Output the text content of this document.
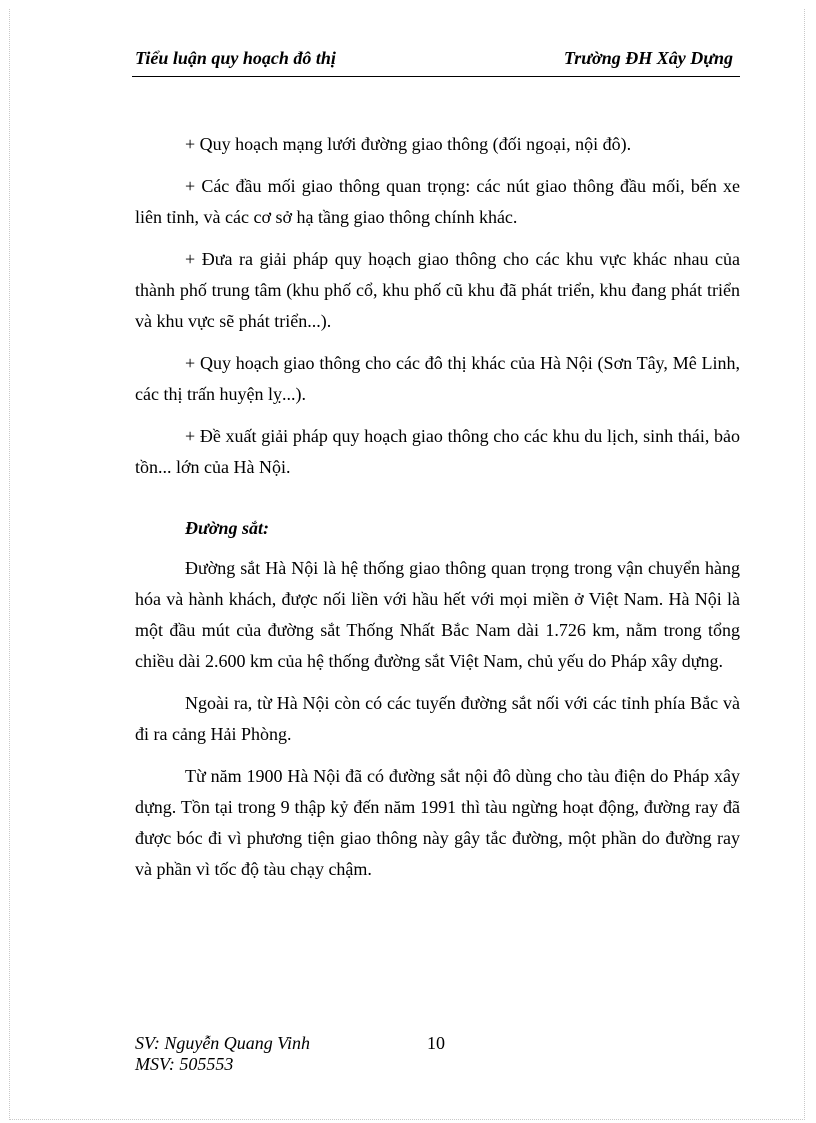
Tiểu luận quy hoạch đô thị	Trường ĐH Xây Dựng

+ Quy hoạch mạng lưới đường giao thông (đối ngoại, nội đô).

+ Các đầu mối giao thông quan trọng: các nút giao thông đầu mối, bến xe liên tỉnh, và các cơ sở hạ tầng giao thông chính khác.

+ Đưa ra giải pháp quy hoạch giao thông cho các khu vực khác nhau của thành phố trung tâm (khu phố cổ, khu phố cũ khu đã phát triển, khu đang phát triển và khu vực sẽ phát triển...).

+ Quy hoạch giao thông cho các đô thị khác của Hà Nội (Sơn Tây, Mê Linh, các thị trấn huyện lỵ...).

+ Đề xuất giải pháp quy hoạch giao thông cho các khu du lịch, sinh thái, bảo tồn... lớn của Hà Nội.

Đường sắt:

Đường sắt Hà Nội là hệ thống giao thông quan trọng trong vận chuyển hàng hóa và hành khách, được nối liền với hầu hết với mọi miền ở Việt Nam. Hà Nội là một đầu mút của đường sắt Thống Nhất Bắc Nam dài 1.726 km, nằm trong tổng chiều dài 2.600 km của hệ thống đường sắt Việt Nam, chủ yếu do Pháp xây dựng.

Ngoài ra, từ Hà Nội còn có các tuyến đường sắt nối với các tỉnh phía Bắc và đi ra cảng Hải Phòng.

Từ năm 1900 Hà Nội đã có đường sắt nội đô dùng cho tàu điện do Pháp xây dựng. Tồn tại trong 9 thập kỷ đến năm 1991 thì tàu ngừng hoạt động, đường ray đã được bóc đi vì phương tiện giao thông này gây tắc đường, một phần do đường ray và phần vì tốc độ tàu chạy chậm.

SV: Nguyễn Quang Vinh
MSV: 505553
10
